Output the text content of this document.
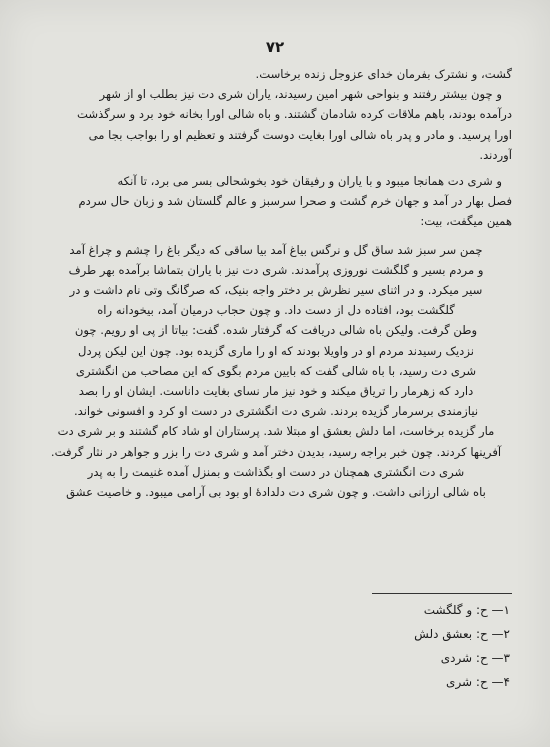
۷۲
گشت، و نشترک بفرمان خدای عزوجل زنده برخاست.
و چون بیشتر رفتند و بنواحی شهر امین رسیدند، یاران شری دت نیز بطلب او از شهر
درآمده بودند، باهم ملاقات کرده شادمان گشتند. و باه شالی اورا بخانه خود برد و سرگذشت
اورا پرسید. و مادر و پدر باه شالی اورا بغایت دوست گرفتند و تعظیم او را بواجب بجا می
آوردند.
و شری دت همانجا میبود و با یاران و رفیقان خود بخوشحالی بسر می برد، تا آنکه
فصل بهار در آمد و جهان خرم گشت و صحرا سرسبز و عالم گلستان شد و زبان حال سردم
همین میگفت، بیت:
چمن سر سبز شد ساق گل و نرگس بیاغ آمد بیا ساقی که دیگر باغ را چشم و چراغ آمد
و مردم بسیر و گلگشت نوروزی پرآمدند. شری دت نیز با یاران بتماشا برآمده بهر طرف
سیر میکرد. و در اثنای سیر نظرش بر دختر واجه بنیک، که صرگانگ وتی نام داشت و در
گلگشت بود، افتاده دل از دست داد. و چون حجاب درمیان آمد، بیخودانه راه
وطن گرفت. ولیکن باه شالی دریافت که گرفتار شده. گفت: بیاتا از پی او رویم. چون
نزدیک رسیدند مردم او در واویلا بودند که او را ماری گزیده بود. چون این لیکن پردل
شری دت رسید، با باه شالی گفت که بایین مردم بگوی که این مصاحب من انگشتری
دارد که زهرمار را تریاق میکند و خود نیز مار نسای بغایت داناست. ایشان او را بصد
نیازمندی برسرمار گزیده بردند. شری دت انگشتری در دست او کرد و افسونی خواند.
مار گزیده برخاست، اما دلش بعشق او مبتلا شد. پرستاران او شاد کام گشتند و بر شری دت
آفرینها کردند. چون خبر براجه رسید، بدیدن دختر آمد و شری دت را بزر و جواهر در نثار گرفت.
شری دت انگشتری همچنان در دست او بگذاشت و بمنزل آمده غنیمت را به پدر
باه شالی ارزانی داشت. و چون شری دت دلدادهٔ او بود بی آرامی میبود. و خاصیت عشق
۱— ح: و گلگشت
۲— ح: بعشق دلش
۳— ح: شردی
۴— ح: شری
